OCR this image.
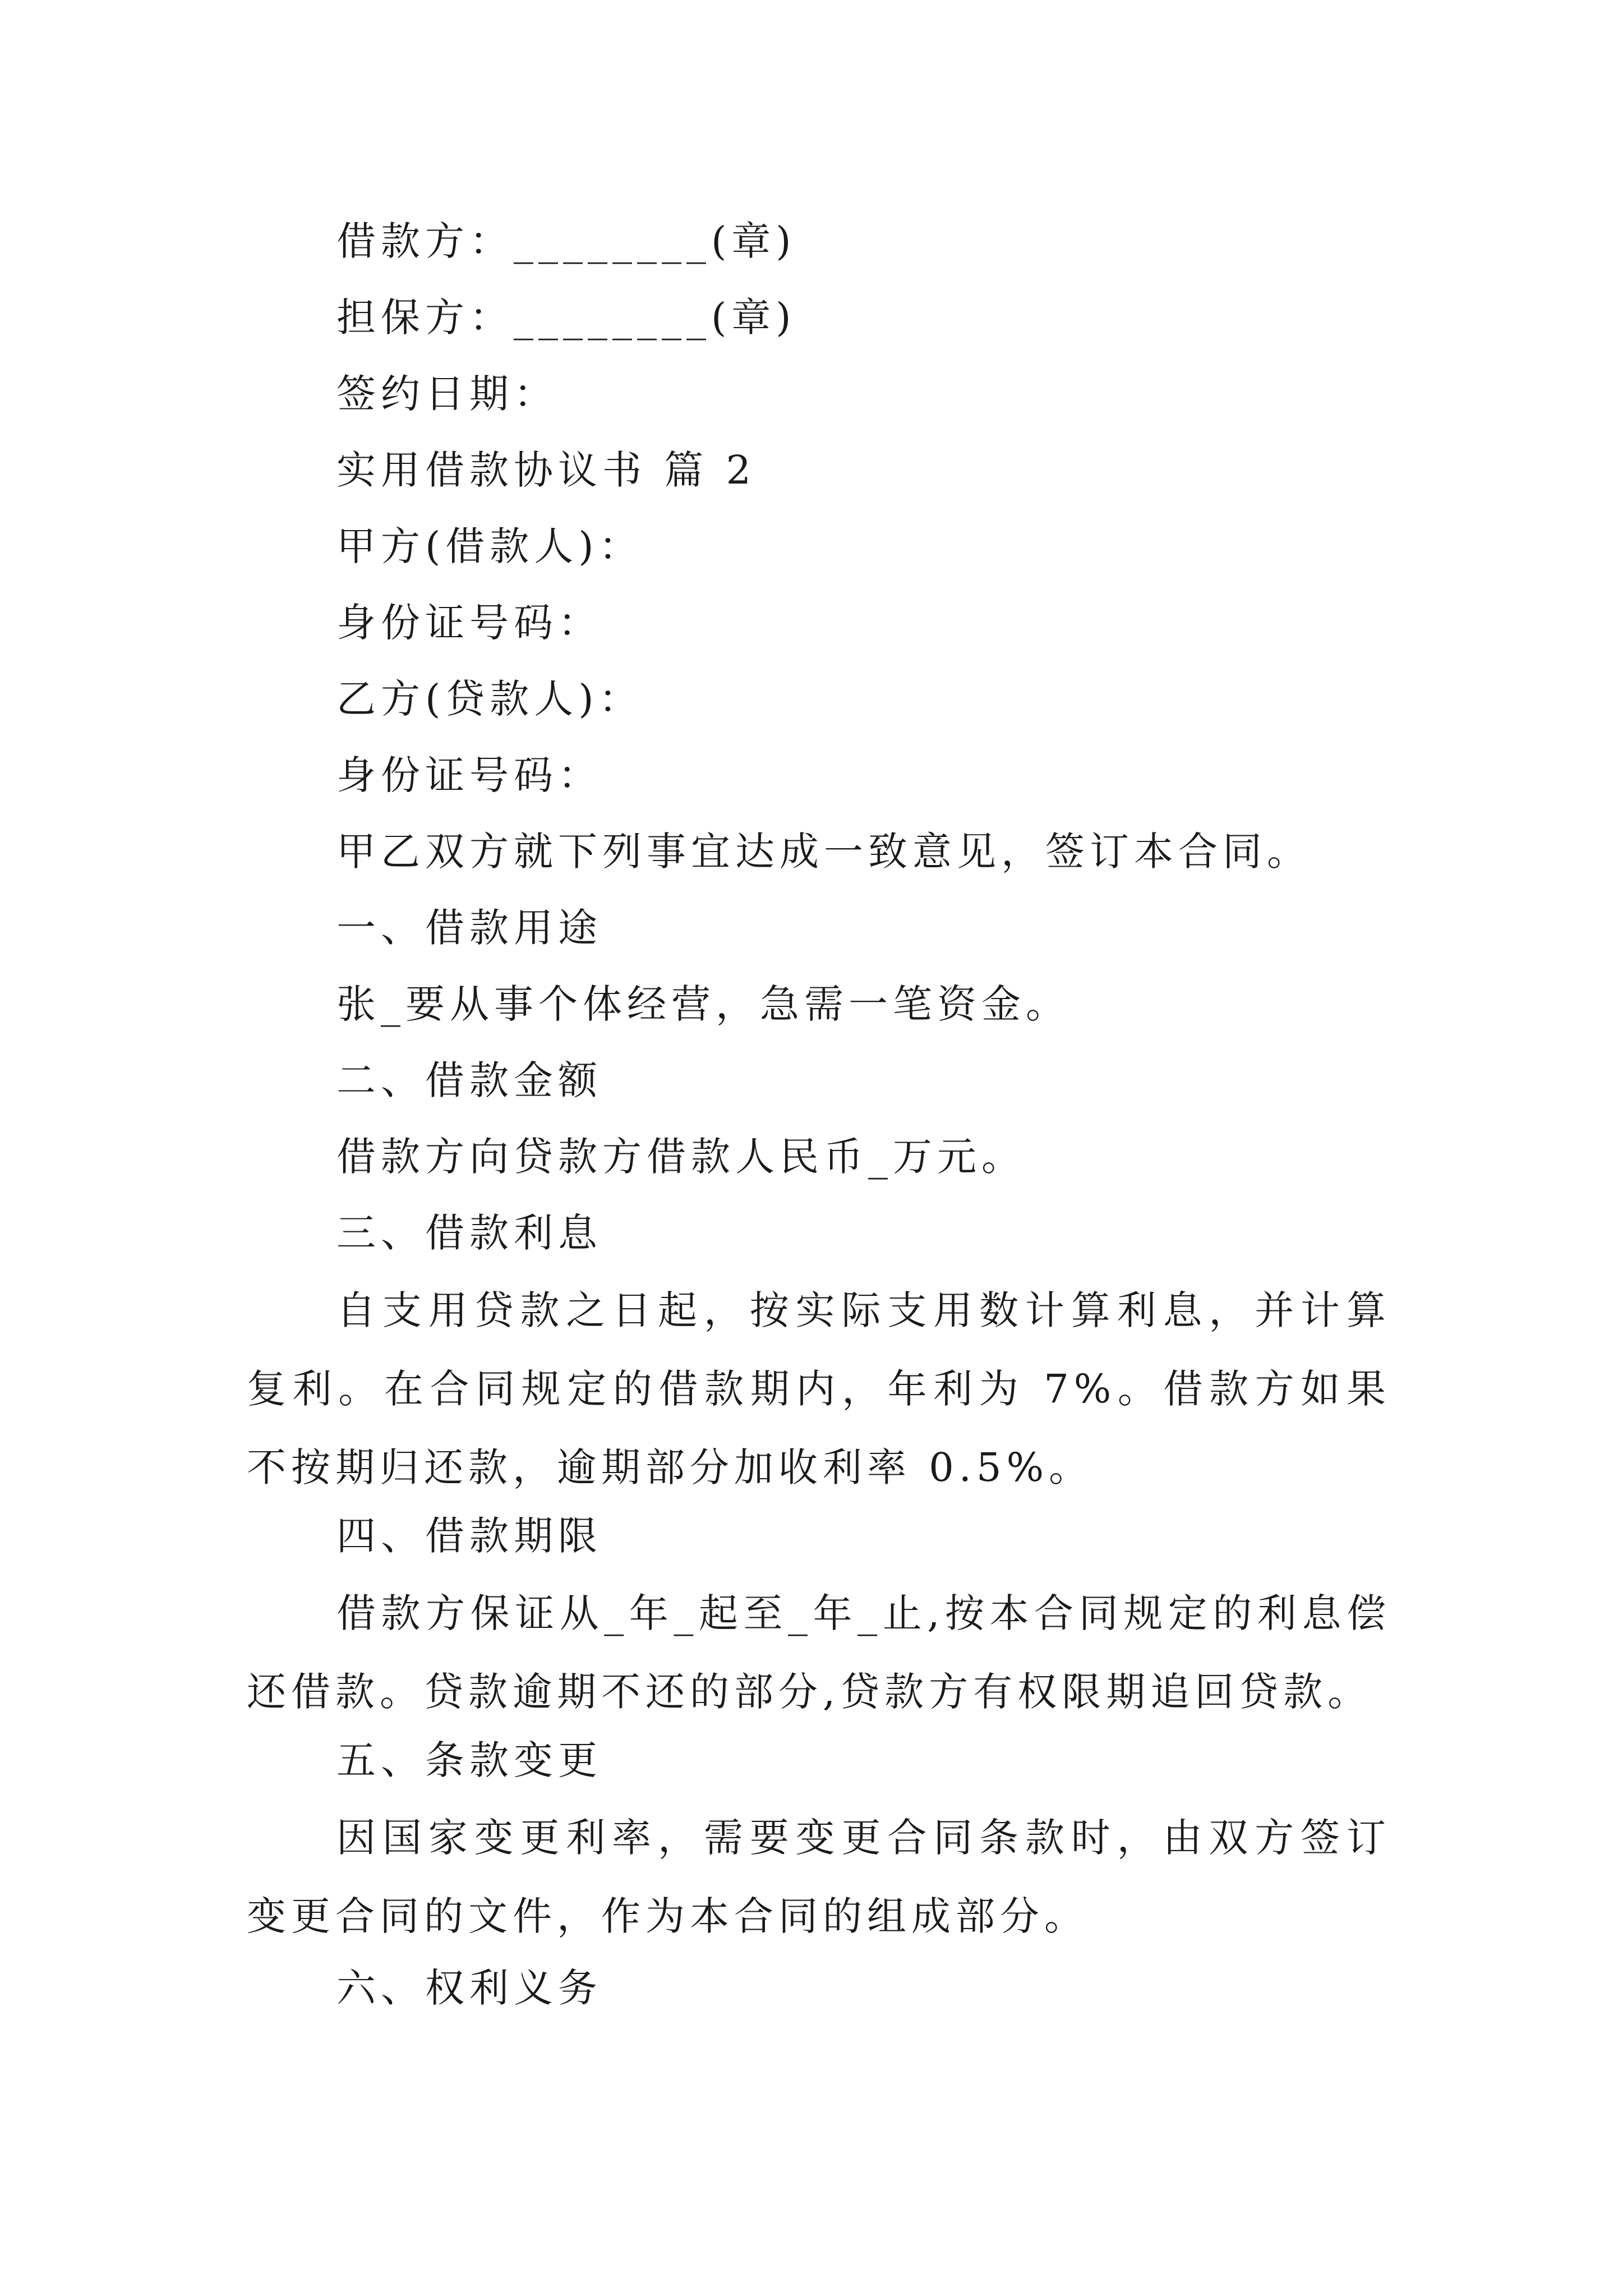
借款方：________(章)
担保方：________(章)
签约日期：
实用借款协议书 篇 2
甲方(借款人)：
身份证号码：
乙方(贷款人)：
身份证号码：
甲乙双方就下列事宜达成一致意见，签订本合同。
一、借款用途
张_要从事个体经营，急需一笔资金。
二、借款金额
借款方向贷款方借款人民币_万元。
三、借款利息
自支用贷款之日起，按实际支用数计算利息，并计算复利。在合同规定的借款期内，年利为 7%。借款方如果不按期归还款，逾期部分加收利率 0.5%。
四、借款期限
借款方保证从_年_起至_年_止,按本合同规定的利息偿还借款。贷款逾期不还的部分,贷款方有权限期追回贷款。
五、条款变更
因国家变更利率，需要变更合同条款时，由双方签订变更合同的文件，作为本合同的组成部分。
六、权利义务
